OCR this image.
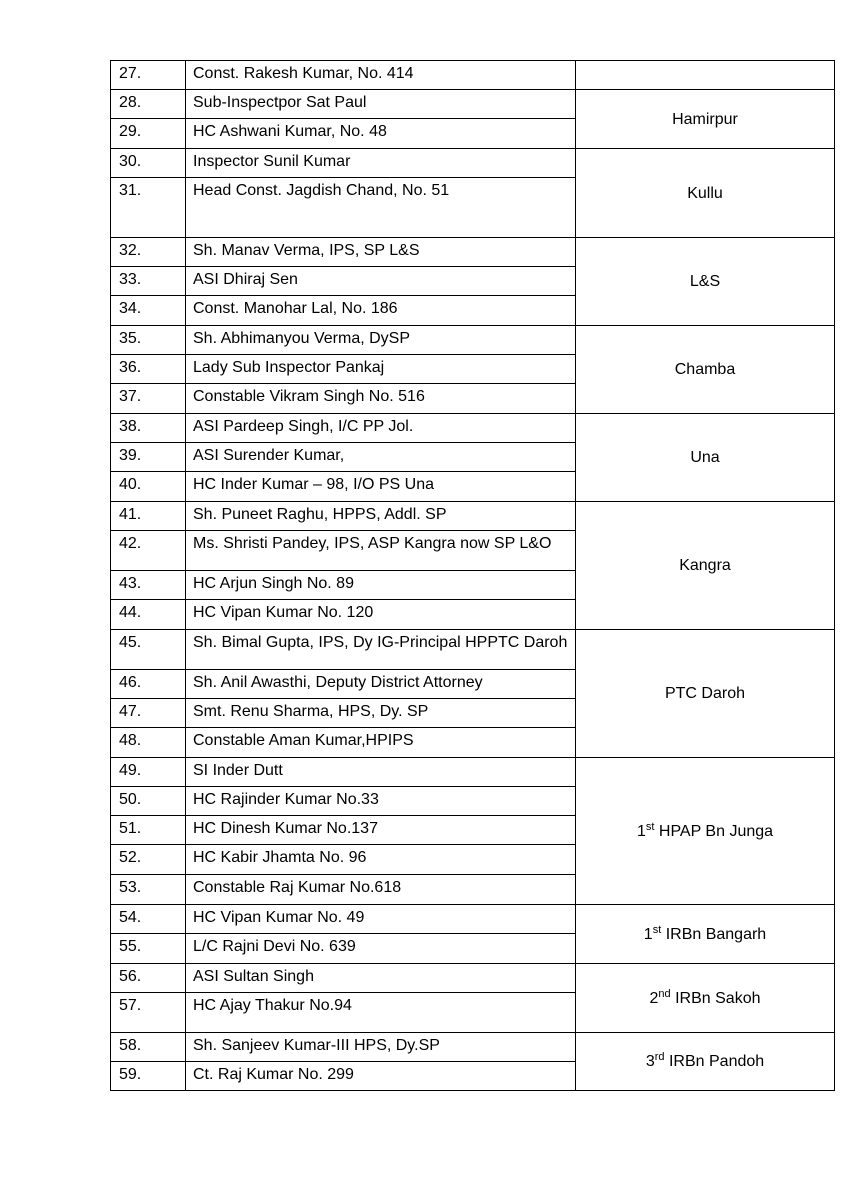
27.	Const. Rakesh Kumar, No. 414	
28.	Sub-Inspectpor Sat Paul	Hamirpur
29.	HC Ashwani Kumar, No. 48	
30.	Inspector Sunil Kumar	Kullu
31.	Head Const. Jagdish Chand, No. 51	
32.	Sh. Manav Verma, IPS, SP L&S	L&S
33.	ASI Dhiraj Sen	
34.	Const. Manohar Lal, No. 186	
35.	Sh. Abhimanyou Verma, DySP	Chamba
36.	Lady Sub Inspector Pankaj	
37.	Constable Vikram Singh No. 516	
38.	ASI Pardeep Singh, I/C PP Jol.	Una
39.	ASI Surender Kumar,	
40.	HC Inder Kumar – 98, I/O PS Una	
41.	Sh. Puneet Raghu, HPPS, Addl. SP	Kangra
42.	Ms. Shristi Pandey, IPS, ASP Kangra now SP L&O	
43.	HC Arjun Singh No. 89	
44.	HC Vipan Kumar No. 120	
45.	Sh. Bimal Gupta, IPS, Dy IG-Principal HPPTC Daroh	PTC Daroh
46.	Sh. Anil Awasthi, Deputy District Attorney	
47.	Smt. Renu Sharma, HPS, Dy. SP	
48.	Constable Aman Kumar,HPIPS	
49.	SI Inder Dutt	1st HPAP Bn Junga
50.	HC Rajinder Kumar No.33	
51.	HC Dinesh Kumar No.137	
52.	HC Kabir Jhamta No. 96	
53.	Constable Raj Kumar No.618	
54.	HC Vipan Kumar No. 49	1st IRBn Bangarh
55.	L/C Rajni Devi No. 639	
56.	ASI Sultan Singh	2nd IRBn Sakoh
57.	HC Ajay Thakur No.94	
58.	Sh. Sanjeev Kumar-III HPS, Dy.SP	3rd IRBn Pandoh
59.	Ct. Raj Kumar No. 299	
